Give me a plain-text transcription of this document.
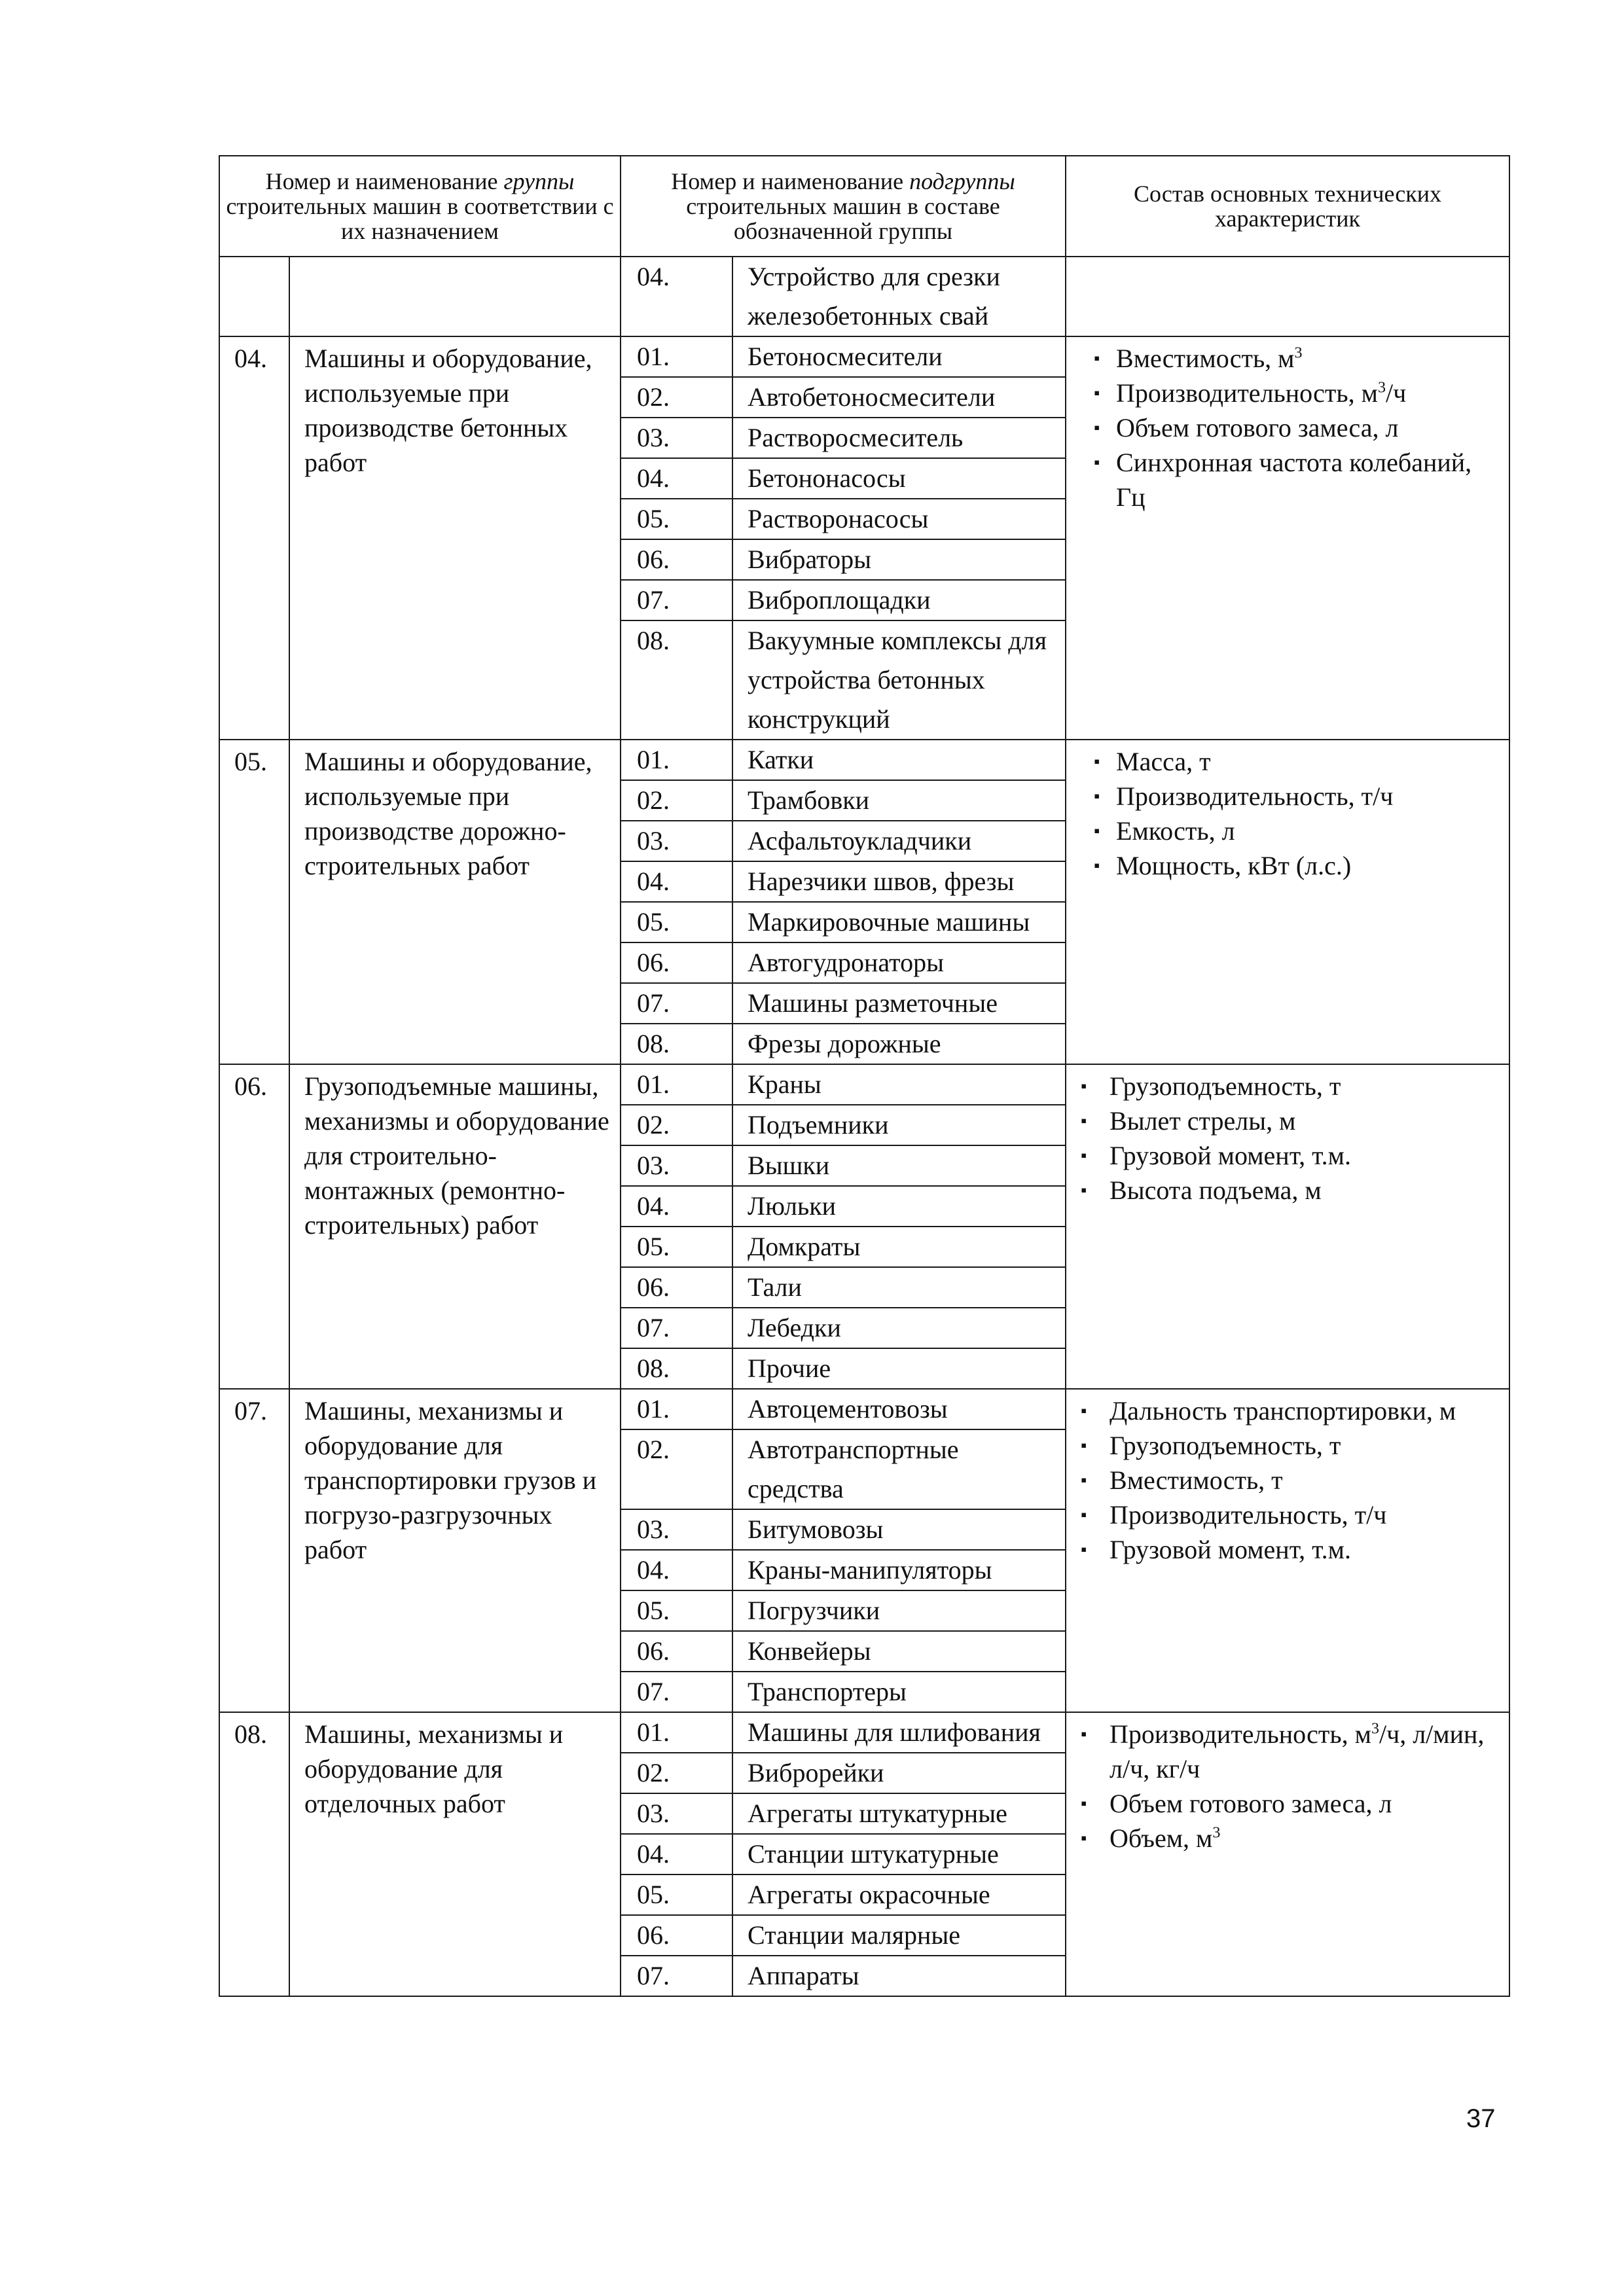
Номер и наименование группы строительных машин в соответствии с их назначением	Номер и наименование подгруппы строительных машин в составе обозначенной группы	Состав основных технических характеристик

04.	Устройство для срезки железобетонных свай

04.	Машины и оборудование, используемые при производстве бетонных работ	
01.	Бетоносмесители
02.	Автобетоносмесители
03.	Растворосмеситель
04.	Бетононасосы
05.	Растворонасосы
06.	Вибраторы
07.	Виброплощадки
08.	Вакуумные комплексы для устройства бетонных конструкций

▪ Вместимость, $м^3$
▪ Производительность, $м^3/ч$
▪ Объем готового замеса, л
▪ Синхронная частота колебаний, Гц

05.	Машины и оборудование, используемые при производстве дорожно-строительных работ	
01.	Катки
02.	Трамбовки
03.	Асфальтоукладчики
04.	Нарезчики швов, фрезы
05.	Маркировочные машины
06.	Автогудронаторы
07.	Машины разметочные
08.	Фрезы дорожные

▪ Масса, т
▪ Производительность, т/ч
▪ Емкость, л
▪ Мощность, кВт (л.с.)

06.	Грузоподъемные машины, механизмы и оборудование для строительно-монтажных (ремонтно-строительных) работ	
01.	Краны
02.	Подъемники
03.	Вышки
04.	Люльки
05.	Домкраты
06.	Тали
07.	Лебедки
08.	Прочие

▪ Грузоподъемность, т
▪ Вылет стрелы, м
▪ Грузовой момент, т.м.
▪ Высота подъема, м

07.	Машины, механизмы и оборудование для транспортировки грузов и погрузо-разгрузочных работ	
01.	Автоцементовозы
02.	Автотранспортные средства
03.	Битумовозы
04.	Краны-манипуляторы
05.	Погрузчики
06.	Конвейеры
07.	Транспортеры

▪ Дальность транспортировки, м
▪ Грузоподъемность, т
▪ Вместимость, т
▪ Производительность, т/ч
▪ Грузовой момент, т.м.

08.	Машины, механизмы и оборудование для отделочных работ	
01.	Машины для шлифования
02.	Виброрейки
03.	Агрегаты штукатурные
04.	Станции штукатурные
05.	Агрегаты окрасочные
06.	Станции малярные
07.	Аппараты

▪ Производительность, $м^3/ч$, л/мин, л/ч, кг/ч
▪ Объем готового замеса, л
▪ Объем, $м^3$
37
